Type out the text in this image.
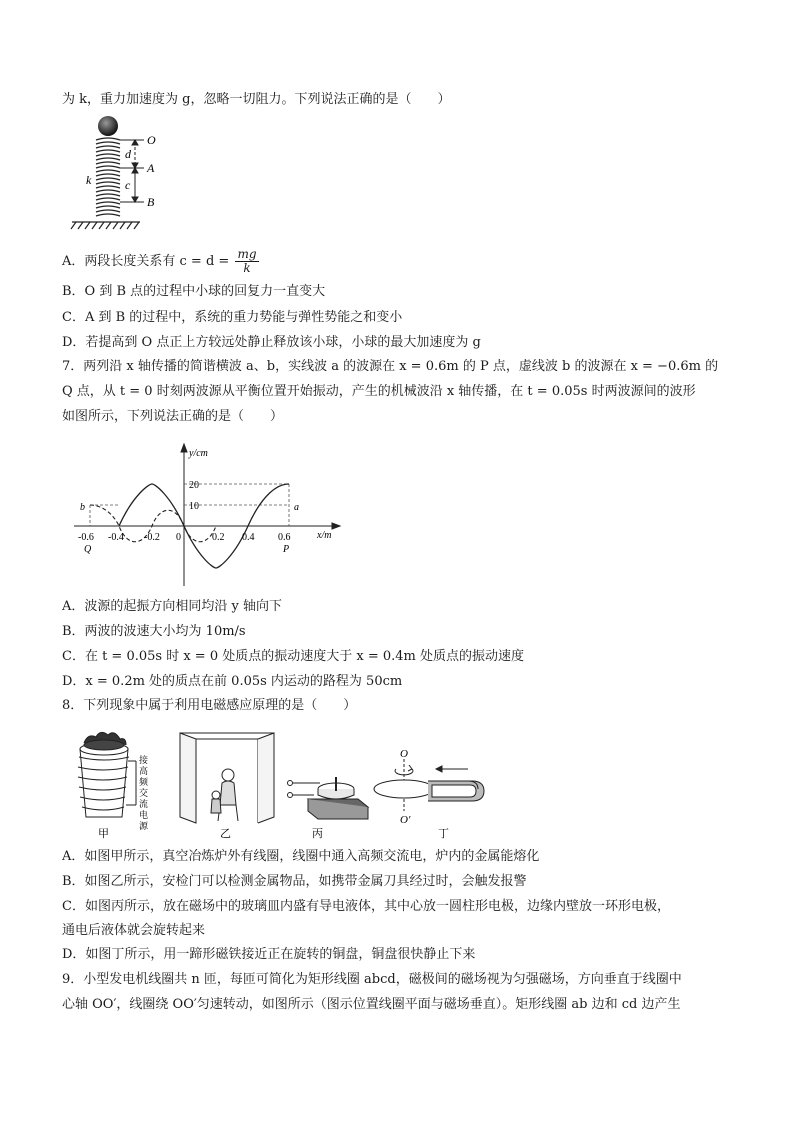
为 k，重力加速度为 g，忽略一切阻力。下列说法正确的是（　　）
O
A
B
d
c
k
A．两段长度关系有 $c = d = \frac{mg}{k}$
B．O 到 B 点的过程中小球的回复力一直变大
C．A 到 B 的过程中，系统的重力势能与弹性势能之和变小
D．若提高到 O 点正上方较远处静止释放该小球，小球的最大加速度为 g
7．两列沿 x 轴传播的简谐横波 a、b，实线波 a 的波源在 x = 0.6m 的 P 点，虚线波 b 的波源在 x = −0.6m 的
Q 点，从 t = 0 时刻两波源从平衡位置开始振动，产生的机械波沿 x 轴传播，在 t = 0.05s 时两波源间的波形
如图所示，下列说法正确的是（　　）
y/cm
x/m
20
10
-0.6 -0.4 -0.2 0	0.2 0.4 0.6
Q	P
a
b
A．波源的起振方向相同均沿 y 轴向下
B．两波的波速大小均为 10m/s
C．在 t = 0.05s 时 x = 0 处质点的振动速度大于 x = 0.4m 处质点的振动速度
D．x = 0.2m 处的质点在前 0.05s 内运动的路程为 50cm
8．下列现象中属于利用电磁感应原理的是（　　）
接
高
频
交
流
电
源
甲	乙	丙
O
O′
丁
A．如图甲所示，真空冶炼炉外有线圈，线圈中通入高频交流电，炉内的金属能熔化
B．如图乙所示，安检门可以检测金属物品，如携带金属刀具经过时，会触发报警
C．如图丙所示，放在磁场中的玻璃皿内盛有导电液体，其中心放一圆柱形电极，边缘内壁放一环形电极，
通电后液体就会旋转起来
D．如图丁所示，用一蹄形磁铁接近正在旋转的铜盘，铜盘很快静止下来
9．小型发电机线圈共 n 匝，每匝可简化为矩形线圈 abcd，磁极间的磁场视为匀强磁场，方向垂直于线圈中
心轴 OO′，线圈绕 OO′匀速转动，如图所示（图示位置线圈平面与磁场垂直）。矩形线圈 ab 边和 cd 边产生
